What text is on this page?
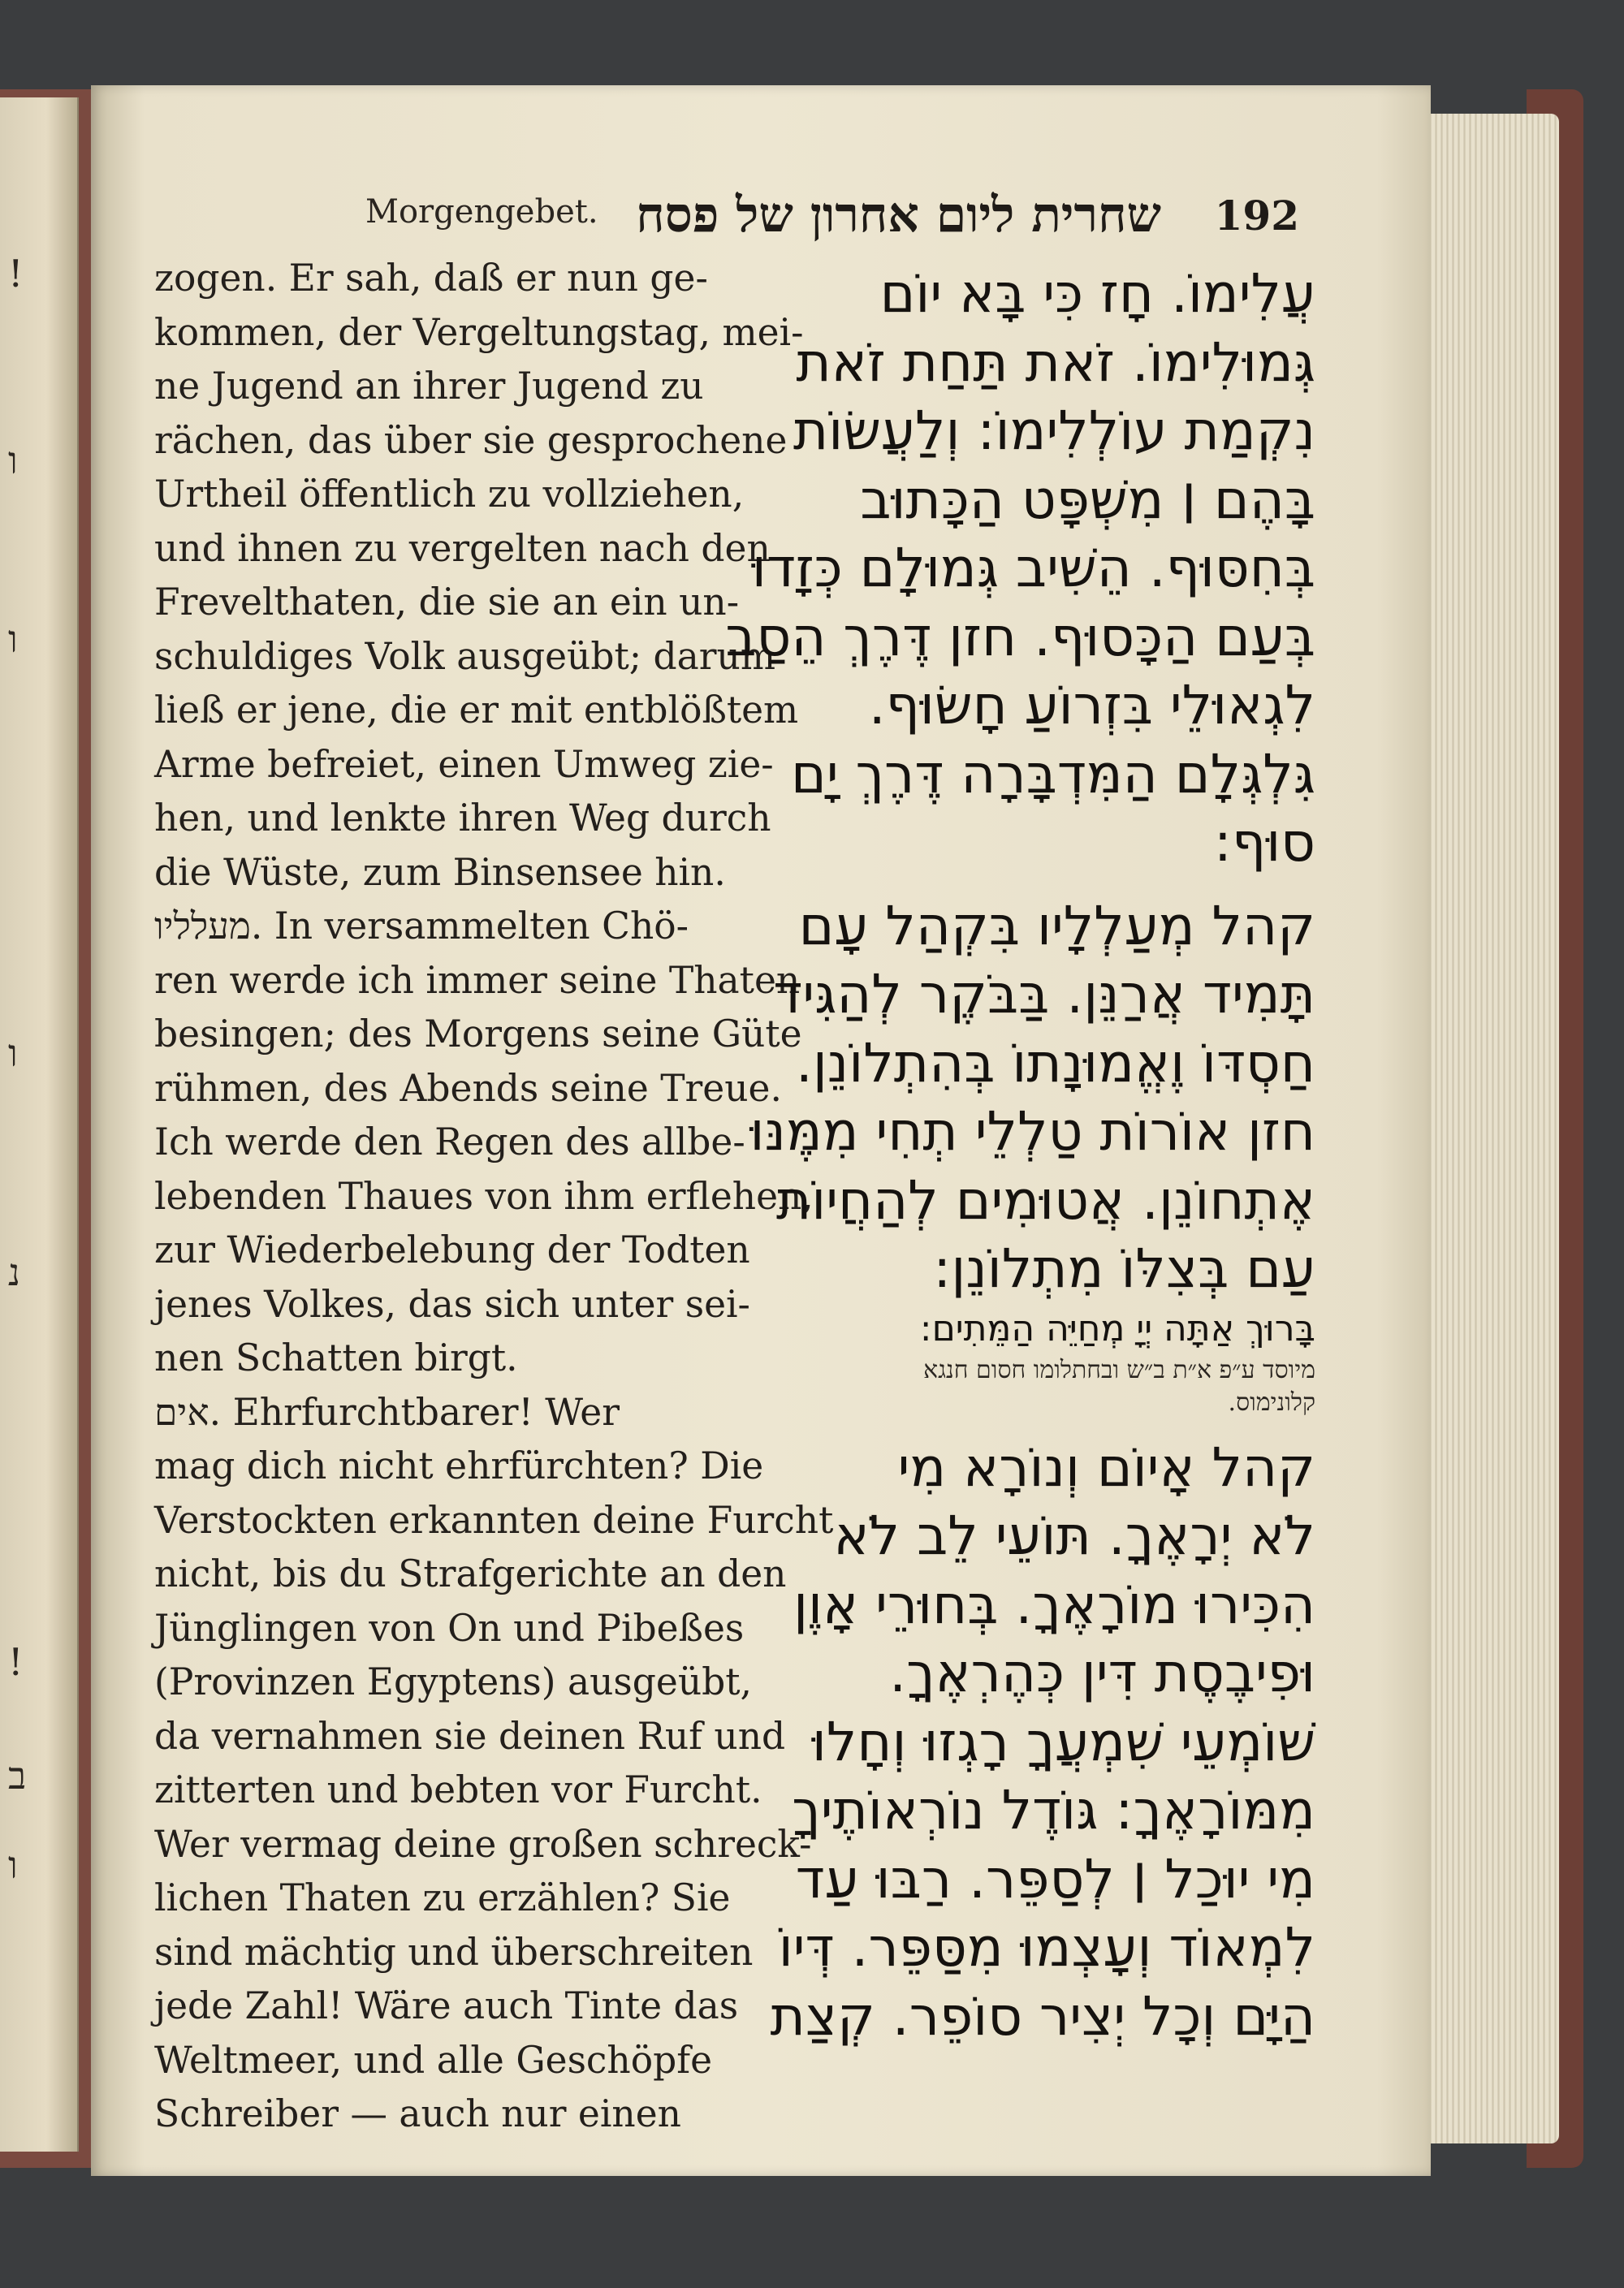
!
ו
ו
ו
נ
!
ב
ו
Morgengebet. שחרית ליום אחרון של פסח 192
zogen. Er sah, daß er nun ge-
kommen, der Vergeltungstag, mei-
ne Jugend an ihrer Jugend zu
rächen, das über sie gesprochene
Urtheil öffentlich zu vollziehen,
und ihnen zu vergelten nach den
Frevelthaten, die sie an ein un-
schuldiges Volk ausgeübt; darum
ließ er jene, die er mit entblößtem
Arme befreiet, einen Umweg zie-
hen, und lenkte ihren Weg durch
die Wüste, zum Binsensee hin.
מעלליו. In versammelten Chö-
ren werde ich immer seine Thaten
besingen; des Morgens seine Güte
rühmen, des Abends seine Treue.
Ich werde den Regen des allbe-
lebenden Thaues von ihm erflehen,
zur Wiederbelebung der Todten
jenes Volkes, das sich unter sei-
nen Schatten birgt.
אים. Ehrfurchtbarer! Wer
mag dich nicht ehrfürchten? Die
Verstockten erkannten deine Furcht
nicht, bis du Strafgerichte an den
Jünglingen von On und Pibeßes
(Provinzen Egyptens) ausgeübt,
da vernahmen sie deinen Ruf und
zitterten und bebten vor Furcht.
Wer vermag deine großen schreck-
lichen Thaten zu erzählen? Sie
sind mächtig und überschreiten
jede Zahl! Wäre auch Tinte das
Weltmeer, und alle Geschöpfe
Schreiber — auch nur einen
עֲלִימוֹ. חָז כִּי בָּא יוֹם
גְּמוּלִימוֹ. זֹאת תַּחַת זֹאת
נִקְמַת עוֹלְלִימוֹ: וְלַעֲשׂוֹת
בָּהֶם ׀ מִשְׁפָּט הַכָּתוּב
בְּחִסּוּף. הֵשִׁיב גְּמוּלָם כְּזָדוּ
בְּעַם הַכָּסוּף. חזן דֶּרֶךְ הֵסַב
לִגְאוּלֵי בִּזְרוֹעַ חָשׂוּף.
גִּלְגְּלָם הַמִּדְבָּרָה דֶּרֶךְ יָם
סוּף:
קהל מְעַלְלָיו בִּקְהַל עָם
תָּמִיד אֲרַנֵּן. בַּבֹּקֶר לְהַגִּיד
חַסְדּוֹ וֶאֱמוּנָתוֹ בְּהִתְלוֹנֵן.
חזן אוֹרוֹת טַלְלֵי תְחִי מִמֶּנּוּ
אֶתְחוֹנֵן. אֲטוּמִים לְהַחֲיוֹת
עַם בְּצִלּוֹ מִתְלוֹנֵן:
בָּרוּךְ אַתָּה יְיָ מְחַיֵּה הַמֵּתִים:
מיוסד ע״פ א״ת ב״ש ובחתלומו חסום חנגא
קלונימוס.
קהל אָיוֹם וְנוֹרָא מִי
לֹא יְרָאֶךָ. תּוֹעֵי לֵב לֹא
הִכִּירוּ מוֹרָאֶךָ. בְּחוּרֵי אָוֶן
וּפִיבֶסֶת דִּין כְּהֶרְאֶךָ.
שׁוֹמְעֵי שִׁמְעֲךָ רָגְזוּ וְחָלוּ
מִמּוֹרָאֶךָ: גּוֹדֶל נוֹרְאוֹתֶיךָ
מִי יוּכַל ׀ לְסַפֵּר. רַבּוּ עַד
לִמְאוֹד וְעָצְמוּ מִסַּפֵּר. דְּיוֹ
הַיָּם וְכָל יְצִיר סוֹפֵר. קְצַת
